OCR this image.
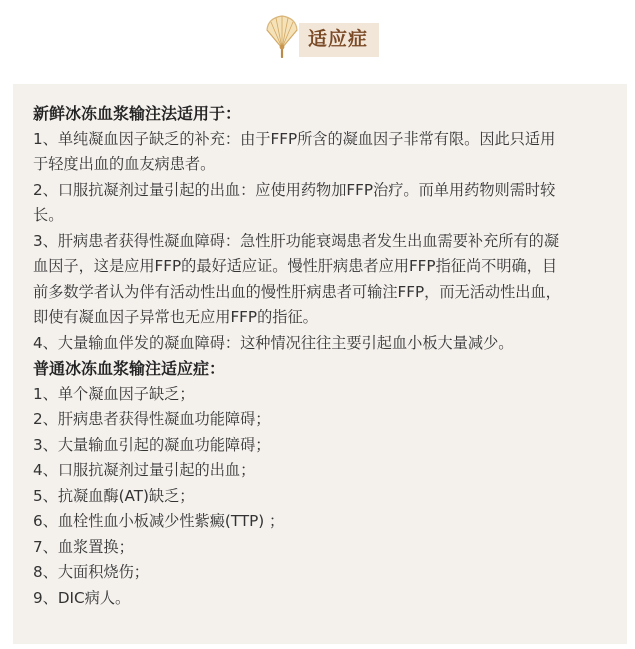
适应症

新鲜冰冻血浆输注法适用于：

1、单纯凝血因子缺乏的补充：由于FFP所含的凝血因子非常有限。因此只适用
于轻度出血的血友病患者。

2、口服抗凝剂过量引起的出血：应使用药物加FFP治疗。而单用药物则需时较
长。

3、肝病患者获得性凝血障碍：急性肝功能衰竭患者发生出血需要补充所有的凝
血因子，这是应用FFP的最好适应证。慢性肝病患者应用FFP指征尚不明确，目
前多数学者认为伴有活动性出血的慢性肝病患者可输注FFP，而无活动性出血，
即使有凝血因子异常也无应用FFP的指征。

4、大量输血伴发的凝血障碍：这种情况往往主要引起血小板大量减少。

普通冰冻血浆输注适应症：

1、单个凝血因子缺乏；

2、肝病患者获得性凝血功能障碍；

3、大量输血引起的凝血功能障碍；

4、口服抗凝剂过量引起的出血；

5、抗凝血酶(AT)缺乏；

6、血栓性血小板减少性紫癜(TTP) ；

7、血浆置换；

8、大面积烧伤；

9、DIC病人。
